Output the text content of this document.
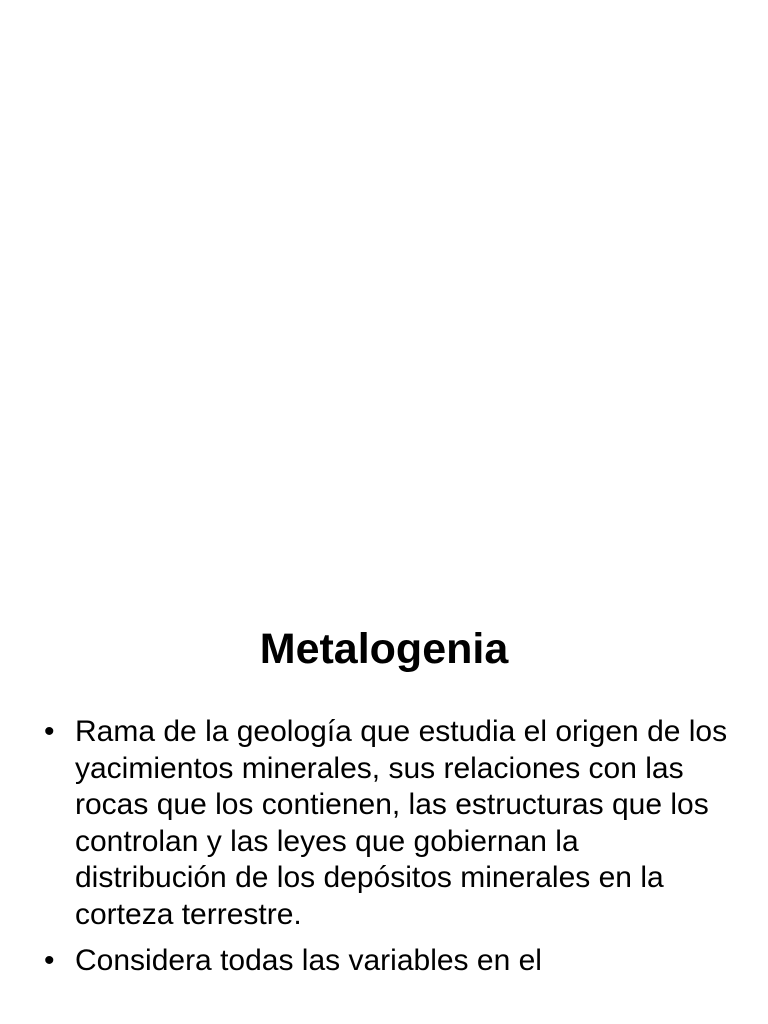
Metalogenia
• Rama de la geología que estudia el origen de los yacimientos minerales, sus relaciones con las rocas que los contienen, las estructuras que los controlan y las leyes que gobiernan la distribución de los depósitos minerales en la corteza terrestre.
• Considera todas las variables en el
